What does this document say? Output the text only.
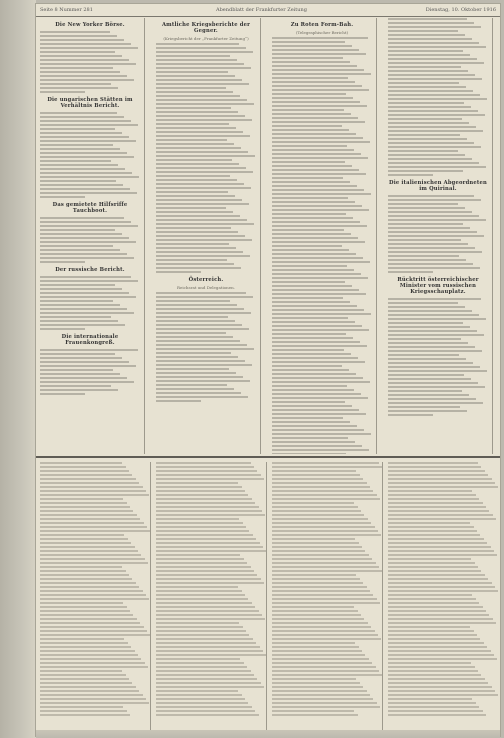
Seite 8 Nummer 281	Abendblatt der Frankfurter Zeitung	Dienstag, 10. Oktober 1916
Die New Yorker Börse.
Die ungarischen Stätten im Verhältnis Bericht.
Das gemietete Hilfsriffe Tauchboot.
Der russische Bericht.
Die internationale Frauenkongreß.
Amtliche Kriegsberichte der Gegner.
(Kriegsbericht der „Frankfurter Zeitung“)
Österreich.
Reichsrat und Delegationen.
Zu Roten Form-Bah.
(Telegraphischer Bericht)
Die italienischen Abgeordneten im Quirinal.
Rücktritt österreichischer Minister vom russischen Kriegsschauplatz.
